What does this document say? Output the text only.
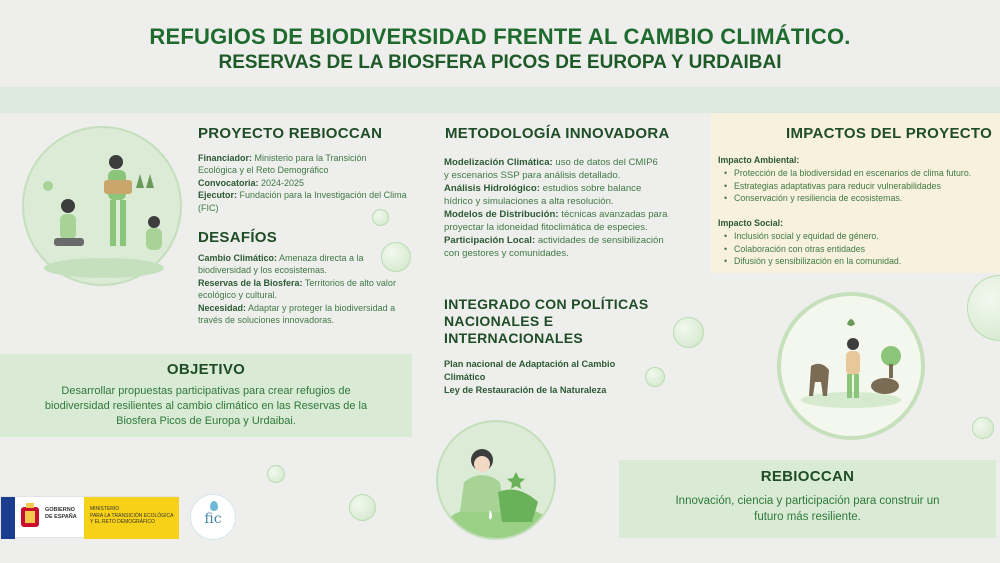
REFUGIOS DE BIODIVERSIDAD FRENTE AL CAMBIO CLIMÁTICO.
RESERVAS DE LA BIOSFERA PICOS DE EUROPA Y URDAIBAI
PROYECTO REBIOCCAN
Financiador: Ministerio para la Transición
Ecológica y el Reto Demográfico
Convocatoria: 2024-2025
Ejecutor: Fundación para la Investigación del Clima
(FIC)
DESAFÍOS
Cambio Climático: Amenaza directa a la
biodiversidad y los ecosistemas.
Reservas de la Biosfera: Territorios de alto valor
ecológico y cultural.
Necesidad: Adaptar y proteger la biodiversidad a
través de soluciones innovadoras.
OBJETIVO
Desarrollar propuestas participativas para crear refugios de
biodiversidad resilientes al cambio climático en las Reservas de la
Biosfera Picos de Europa y Urdaibai.
METODOLOGÍA INNOVADORA
Modelización Climática: uso de datos del CMIP6
y escenarios SSP para análisis detallado.
Análisis Hidrológico: estudios sobre balance
hídrico y simulaciones a alta resolución.
Modelos de Distribución: técnicas avanzadas para
proyectar la idoneidad fitoclimática de especies.
Participación Local: actividades de sensibilización
con gestores y comunidades.
INTEGRADO CON POLÍTICAS
NACIONALES E
INTERNACIONALES
Plan nacional de Adaptación al Cambio
Climático
Ley de Restauración de la Naturaleza
IMPACTOS DEL PROYECTO
Impacto Ambiental:
• Protección de la biodiversidad en escenarios de clima futuro.
• Estrategias adaptativas para reducir vulnerabilidades
• Conservación y resiliencia de ecosistemas.
Impacto Social:
• Inclusión social y equidad de género.
• Colaboración con otras entidades
• Difusión y sensibilización en la comunidad.
REBIOCCAN
Innovación, ciencia y participación para construir un
futuro más resiliente.
GOBIERNO
DE ESPAÑA
MINISTERIO
PARA LA TRANSICIÓN ECOLÓGICA
Y EL RETO DEMOGRÁFICO	fic
